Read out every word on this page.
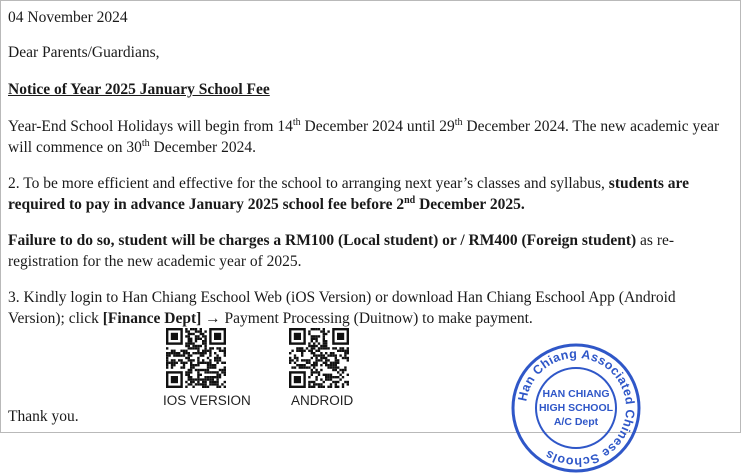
04 November 2024

Dear Parents/Guardians,

Notice of Year 2025 January School Fee

Year-End School Holidays will begin from 14th December 2024 until 29th December 2024. The new academic year will commence on 30th December 2024.

2. To be more efficient and effective for the school to arranging next year’s classes and syllabus, students are required to pay in advance January 2025 school fee before 2nd December 2025.

Failure to do so, student will be charges a RM100 (Local student) or / RM400 (Foreign student) as re-registration for the new academic year of 2025.

3. Kindly login to Han Chiang Eschool Web (iOS Version) or download Han Chiang Eschool App (Android Version); click [Finance Dept] → Payment Processing (Duitnow) to make payment.

IOS VERSION	ANDROID

Thank you.

Han Chiang Associated Chinese Schools
HAN CHIANG
HIGH SCHOOL
A/C Dept
